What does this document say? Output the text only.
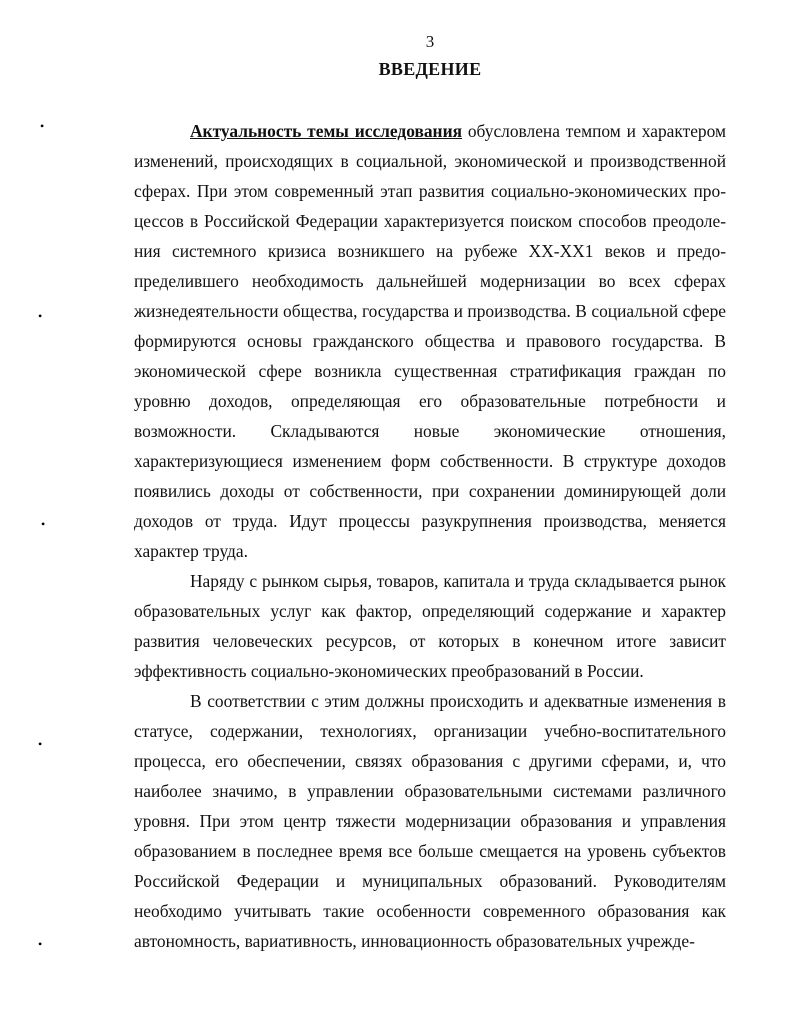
3
ВВЕДЕНИЕ

Актуальность темы исследования обусловлена темпом и характером изменений, происходящих в социальной, экономической и производственной сферах. При этом современный этап развития социально-экономических процессов в Российской Федерации характеризуется поиском способов преодоления системного кризиса возникшего на рубеже ХХ-ХХ1 веков и предопределившего необходимость дальнейшей модернизации во всех сферах жизнедеятельности общества, государства и производства. В социальной сфере формируются основы гражданского общества и правового государства. В экономической сфере возникла существенная стратификация граждан по уровню доходов, определяющая его образовательные потребности и возможности. Складываются новые экономические отношения, характеризующиеся изменением форм собственности. В структуре доходов появились доходы от собственности, при сохранении доминирующей доли доходов от труда. Идут процессы разукрупнения производства, меняется характер труда.

Наряду с рынком сырья, товаров, капитала и труда складывается рынок образовательных услуг как фактор, определяющий содержание и характер развития человеческих ресурсов, от которых в конечном итоге зависит эффективность социально-экономических преобразований в России.

В соответствии с этим должны происходить и адекватные изменения в статусе, содержании, технологиях, организации учебно-воспитательного процесса, его обеспечении, связях образования с другими сферами, и, что наиболее значимо, в управлении образовательными системами различного уровня. При этом центр тяжести модернизации образования и управления образованием в последнее время все больше смещается на уровень субъектов Российской Федерации и муниципальных образований. Руководителям необходимо учитывать такие особенности современного образования как автономность, вариативность, инновационность образовательных учрежде-

•
•
•
•
•
